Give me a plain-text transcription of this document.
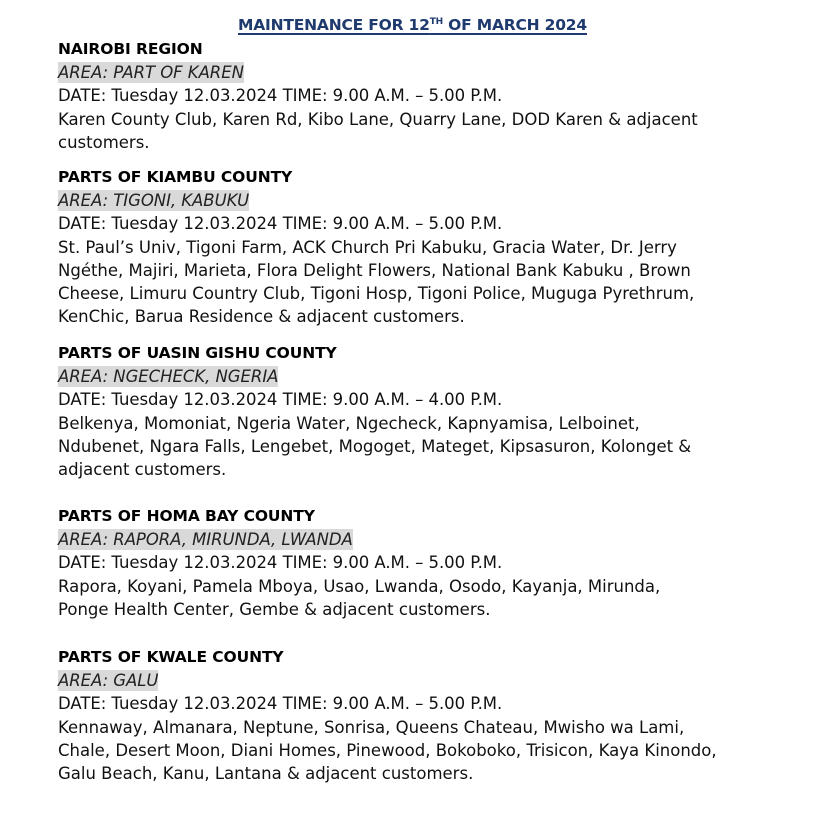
MAINTENANCE FOR 12TH OF MARCH 2024
NAIROBI REGION
AREA: PART OF KAREN
DATE: Tuesday 12.03.2024 TIME: 9.00 A.M. – 5.00 P.M.
Karen County Club, Karen Rd, Kibo Lane, Quarry Lane, DOD Karen & adjacent
customers.
PARTS OF KIAMBU COUNTY
AREA: TIGONI, KABUKU
DATE: Tuesday 12.03.2024 TIME: 9.00 A.M. – 5.00 P.M.
St. Paul’s Univ, Tigoni Farm, ACK Church Pri Kabuku, Gracia Water, Dr. Jerry
Ngéthe, Majiri, Marieta, Flora Delight Flowers, National Bank Kabuku , Brown
Cheese, Limuru Country Club, Tigoni Hosp, Tigoni Police, Muguga Pyrethrum,
KenChic, Barua Residence & adjacent customers.
PARTS OF UASIN GISHU COUNTY
AREA: NGECHECK, NGERIA
DATE: Tuesday 12.03.2024 TIME: 9.00 A.M. – 4.00 P.M.
Belkenya, Momoniat, Ngeria Water, Ngecheck, Kapnyamisa, Lelboinet,
Ndubenet, Ngara Falls, Lengebet, Mogoget, Mateget, Kipsasuron, Kolonget &
adjacent customers.
PARTS OF HOMA BAY COUNTY
AREA: RAPORA, MIRUNDA, LWANDA
DATE: Tuesday 12.03.2024 TIME: 9.00 A.M. – 5.00 P.M.
Rapora, Koyani, Pamela Mboya, Usao, Lwanda, Osodo, Kayanja, Mirunda,
Ponge Health Center, Gembe & adjacent customers.
PARTS OF KWALE COUNTY
AREA: GALU
DATE: Tuesday 12.03.2024 TIME: 9.00 A.M. – 5.00 P.M.
Kennaway, Almanara, Neptune, Sonrisa, Queens Chateau, Mwisho wa Lami,
Chale, Desert Moon, Diani Homes, Pinewood, Bokoboko, Trisicon, Kaya Kinondo,
Galu Beach, Kanu, Lantana & adjacent customers.
